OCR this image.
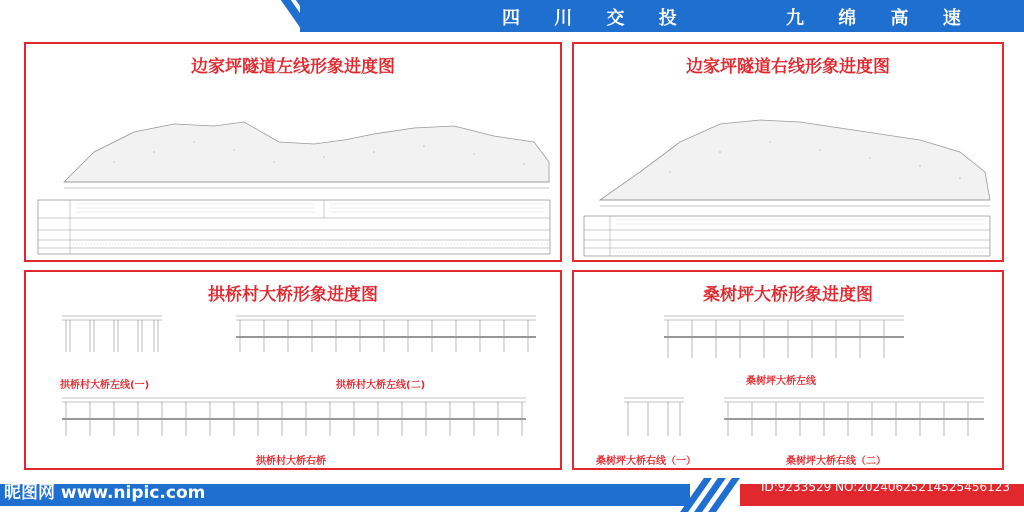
四 川 交 投	九 绵 高 速
边家坪隧道左线形象进度图	边家坪隧道右线形象进度图
拱桥村大桥形象进度图
拱桥村大桥左线(一)	拱桥村大桥左线(二)
拱桥村大桥右桥
桑树坪大桥形象进度图
桑树坪大桥左线
桑树坪大桥右线（一）	桑树坪大桥右线（二）
昵图网 www.nipic.com	ID:9233529 NO:20240625214525456123
